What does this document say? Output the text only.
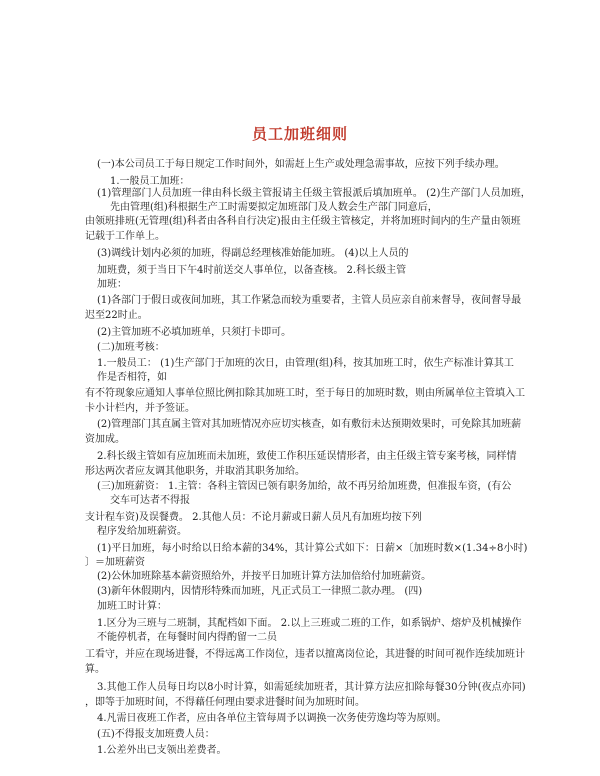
员工加班细则
(一)本公司员工于每日规定工作时间外，如需赶上生产或处理急需事故，应按下列手续办理。
1.一般员工加班：
(1)管理部门人员加班一律由科长级主管报请主任级主管报派后填加班单。 (2)生产部门人员加班，
先由管理(组)科根据生产工时需要拟定加班部门及人数会生产部门同意后，
由领班排班(无管理(组)科者由各科自行决定)报由主任级主管核定，并将加班时间内的生产量由领班
记载于工作单上。
(3)调线计划内必须的加班，得副总经理核准始能加班。 (4)以上人员的
加班费，须于当日下午4时前送交人事单位，以备查核。 2.科长级主管
加班：
(1)各部门于假日或夜间加班，其工作紧急而较为重要者，主管人员应亲自前来督导，夜间督导最
迟至22时止。
(2)主管加班不必填加班单，只须打卡即可。
(二)加班考核：
1.一般员工： (1)生产部门于加班的次日，由管理(组)科，按其加班工时，依生产标准计算其工
作是否相符，如
有不符现象应通知人事单位照比例扣除其加班工时，至于每日的加班时数，则由所属单位主管填入工
卡小计栏内，并予签证。
(2)管理部门其直属主管对其加班情况亦应切实核查，如有敷衍未达预期效果时，可免除其加班薪
资加成。
2.科长级主管如有应加班而未加班，致使工作积压延误情形者，由主任级主管专案考核，同样情
形达两次者应友调其他职务，并取消其职务加给。
(三)加班薪资： 1.主管：各科主管因已领有职务加给，故不再另给加班费，但准报车资，(有公
交车可达者不得报
支计程车资)及误餐费。 2.其他人员：不论月薪或日薪人员凡有加班均按下列
程序发给加班薪资。
(1)平日加班，每小时给以日给本薪的34%，其计算公式如下：日薪×〔加班时数×(1.34÷8小时)
〕＝加班薪资
(2)公休加班除基本薪资照给外，并按平日加班计算方法加倍给付加班薪资。
(3)新年休假期内，因情形特殊而加班，凡正式员工一律照二款办理。 (四)
加班工时计算：
1.区分为三班与二班制，其配档如下面。 2.以上三班或二班的工作，如系锅炉、熔炉及机械操作
不能停机者，在每餐时间内得酌留一二员
工看守，并应在现场进餐，不得远离工作岗位，违者以擅离岗位论，其进餐的时间可视作连续加班计
算。
3.其他工作人员每日均以8小时计算，如需延续加班者，其计算方法应扣除每餐30分钟(夜点亦同)
，即等于加班时间，不得藉任何理由要求进餐时间为加班时间。
4.凡需日夜班工作者，应由各单位主管每周予以调换一次务使劳逸均等为原则。
(五)不得报支加班费人员：
1.公差外出已支领出差费者。
